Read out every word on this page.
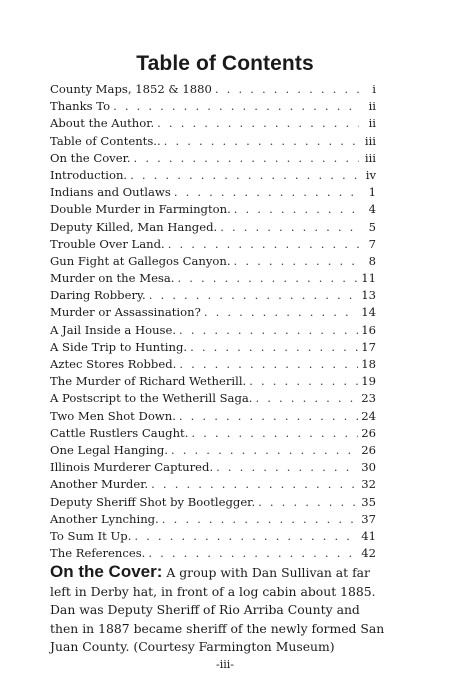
Table of Contents
County Maps, 1852 & 1880 . . .	i
Thanks To . . .	ii
About the Author. . . .	ii
Table of Contents.. . . .	iii
On the Cover. . . .	iii
Introduction. . . .	iv
Indians and Outlaws . . .	1
Double Murder in Farmington. . . .	4
Deputy Killed, Man Hanged. . . .	5
Trouble Over Land. . . .	7
Gun Fight at Gallegos Canyon. . . .	8
Murder on the Mesa. . . .	11
Daring Robbery. . . .	13
Murder or Assassination? . . .	14
A Jail Inside a House. . . .	16
A Side Trip to Hunting. . . .	17
Aztec Stores Robbed. . . .	18
The Murder of Richard Wetherill. . . .	19
A Postscript to the Wetherill Saga. . . .	23
Two Men Shot Down. . . .	24
Cattle Rustlers Caught. . . .	26
One Legal Hanging. . . .	26
Illinois Murderer Captured. . . .	30
Another Murder. . . .	32
Deputy Sheriff Shot by Bootlegger. . . .	35
Another Lynching. . . .	37
To Sum It Up. . . .	41
The References. . . .	42
On the Cover: A group with Dan Sullivan at far left in Derby hat, in front of a log cabin about 1885. Dan was Deputy Sheriff of Rio Arriba County and then in 1887 became sheriff of the newly formed San Juan County. (Courtesy Farmington Museum)
-iii-
